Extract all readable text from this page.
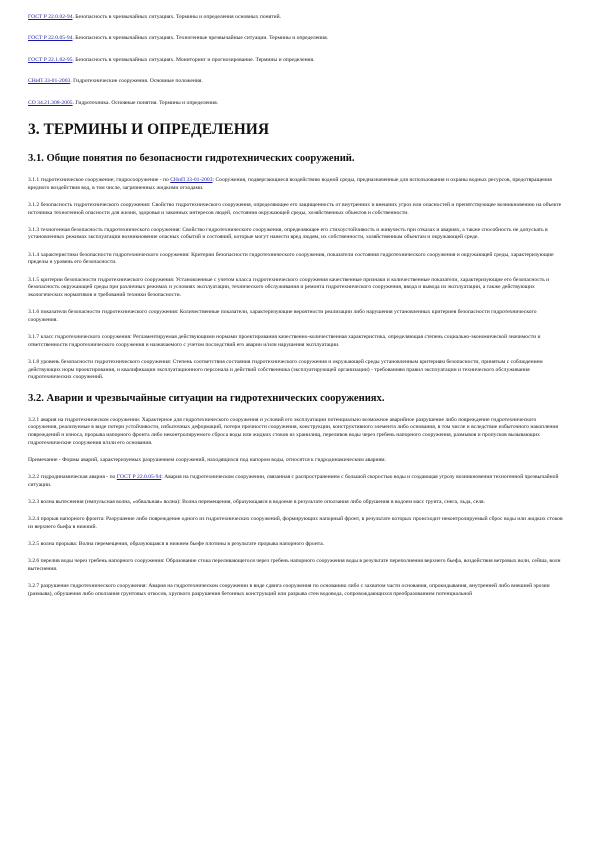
ГОСТ Р 22.0.02-94. Безопасность в чрезвычайных ситуациях. Термины и определения основных понятий.

ГОСТ Р 22.0.05-94. Безопасность в чрезвычайных ситуациях. Техногенные чрезвычайные ситуации. Термины и определения.

ГОСТ Р 22.1.02-95. Безопасность в чрезвычайных ситуациях. Мониторинг и прогнозирование. Термины и определения.

СНиП 33-01-2003. Гидротехнические сооружения. Основные положения.

СО 34.21.308-2005. Гидротехника. Основные понятия. Термины и определения.

3. ТЕРМИНЫ И ОПРЕДЕЛЕНИЯ
3.1. Общие понятия по безопасности гидротехнических сооружений.

3.1.1 гидротехническое сооружение; гидросооружение - по СНиП 33-01-2003: Сооружения, подвергающиеся воздействию водной среды, предназначенные для использования и охраны водных ресурсов, предотвращения вредного воздействия вод, в том числе, загрязненных жидкими отходами.

3.1.2 безопасность гидротехнического сооружения: Свойство гидротехнического сооружения, определяющее его защищенность от внутренних и внешних угроз или опасностей и препятствующее возникновению на объекте источника техногенной опасности для жизни, здоровья и законных интересов людей, состояния окружающей среды, хозяйственных объектов и собственности.

3.1.3 техногенная безопасность гидротехнического сооружения: Свойство гидротехнического сооружения, определяющее его стихоустойчивость и живучесть при отказах и авариях, а также способность не допускать в установленных режимах эксплуатации возникновение опасных событий и состояний, которые могут нанести вред людям, их собственности, хозяйственным объектам и окружающей среде.

3.1.4 характеристики безопасности гидротехнического сооружения: Критерии безопасности гидротехнического сооружения, показатели состояния гидротехнического сооружения и окружающей среды, характеризующие пределы и уровень его безопасности.

3.1.5 критерии безопасности гидротехнического сооружения: Установленные с учетом класса гидротехнического сооружения качественные признаки и количественные показатели, характеризующие его безопасность и безопасность окружающей среды при различных режимах и условиях эксплуатации, технического обслуживания и ремонта гидротехнического сооружения, ввода и вывода из эксплуатации, а также действующих экологических нормативов и требований техники безопасности.

3.1.6 показатели безопасности гидротехнического сооружения: Количественные показатели, характеризующие вероятности реализации либо нарушения установленных критериев безопасности гидротехнического сооружения.

3.1.7 класс гидротехнического сооружения: Регламентируемая действующими нормами проектирования качественно-количественная характеристика, определяющая степень социально-экономической значимости и ответственности гидротехнического сооружения и назначаемого с учетом последствий его аварии и/или нарушения эксплуатации.

3.1.8 уровень безопасности гидротехнического сооружения: Степень соответствия состояния гидротехнического сооружения и окружающей среды установленным критериям безопасности, принятым с соблюдением действующих норм проектирования, и квалификации эксплуатационного персонала и действий собственника (эксплуатирующей организации) - требованиям правил эксплуатации и технического обслуживания гидротехнических сооружений.

3.2. Аварии и чрезвычайные ситуации на гидротехнических сооружениях.

3.2.1 авария на гидротехническом сооружении: Характерное для гидротехнического сооружения и условий его эксплуатации потенциально возможное аварийное разрушение либо повреждение гидротехнического сооружения, реализуемые в виде потери устойчивости, избыточных деформаций, потери прочности сооружения, конструкции, конструктивного элемента либо основания, в том числе и вследствие избыточного накопления повреждений и износа, прорыва напорного фронта либо неконтролируемого сброса воды или жидких стоков из хранилищ, переливов воды через гребень напорного сооружения, размывов и пропусков вызывающих гидротехнические сооружения и/или его основания.

Примечание - Формы аварий, характеризуемых разрушением сооружений, находящихся под напором воды, относятся к гидродинамическим авариям.

3.2.2 гидродинамическая авария - по ГОСТ Р 22.0.05-94: Авария на гидротехническом сооружении, связанная с распространением с большой скоростью воды и создающая угрозу возникновения техногенной чрезвычайной ситуации.

3.2.3 волна вытеснения (импульсная волна, «обвальная» волна): Волна перемещения, образующаяся в водоеме в результате оползания либо обрушения в водоем масс грунта, снега, льда, селя.

3.2.4 прорыв напорного фронта: Разрушение либо повреждение одного из гидротехнических сооружений, формирующих напорный фронт, в результате которых происходит неконтролируемый сброс воды или жидких стоков из верхнего бьефа в нижний.

3.2.5 волна прорыва: Волна перемещения, образующаяся в нижнем бьефе плотины в результате прорыва напорного фронта.

3.2.6 перелив воды через гребень напорного сооружения: Образование стока переливающегося через гребень напорного сооружения воды в результате переполнения верхнего бьефа, воздействия ветровых волн, сейша, волн вытеснения.

3.2.7 разрушение гидротехнического сооружения: Авария на гидротехническом сооружении в виде сдвига сооружения по основанию либо с захватом части основания, опрокидывания, внутренней либо внешней эрозии (размыва), обрушения либо оползания грунтовых откосов, хрупкого разрушения бетонных конструкций или разрыва стен водовода, сопровождающихся преобразованием потенциальной
